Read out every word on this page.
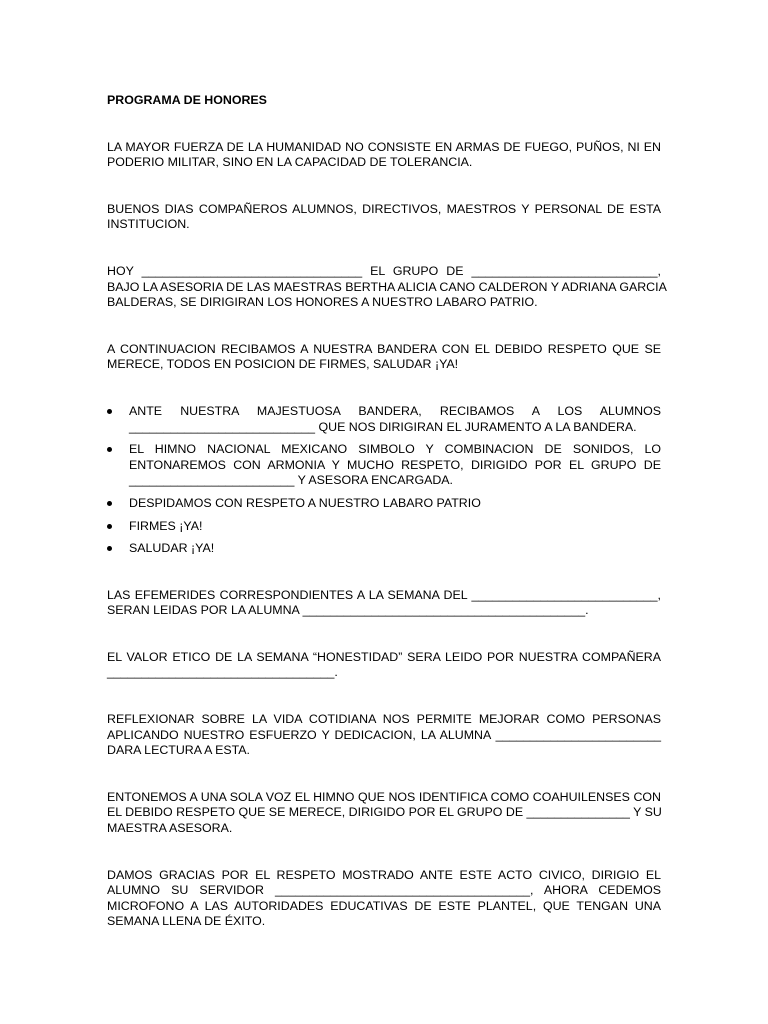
PROGRAMA DE HONORES

LA MAYOR FUERZA DE LA HUMANIDAD NO CONSISTE EN ARMAS DE FUEGO, PUÑOS, NI EN
PODERIO MILITAR, SINO EN LA CAPACIDAD DE TOLERANCIA.
BUENOS DIAS COMPAÑEROS ALUMNOS, DIRECTIVOS, MAESTROS Y PERSONAL DE ESTA
INSTITUCION.
HOY ________________________________ EL GRUPO DE ___________________________,
BAJO LA ASESORIA DE LAS MAESTRAS BERTHA ALICIA CANO CALDERON Y ADRIANA GARCIA
BALDERAS, SE DIRIGIRAN LOS HONORES A NUESTRO LABARO PATRIO.
A CONTINUACION RECIBAMOS A NUESTRA BANDERA CON EL DEBIDO RESPETO QUE SE
MERECE, TODOS EN POSICION DE FIRMES, SALUDAR ¡YA!
ANTE NUESTRA MAJESTUOSA BANDERA, RECIBAMOS A LOS ALUMNOS
___________________________ QUE NOS DIRIGIRAN EL JURAMENTO A LA BANDERA.
EL HIMNO NACIONAL MEXICANO SIMBOLO Y COMBINACION DE SONIDOS, LO
ENTONAREMOS CON ARMONIA Y MUCHO RESPETO, DIRIGIDO POR EL GRUPO DE
________________________ Y ASESORA ENCARGADA.
DESPIDAMOS CON RESPETO A NUESTRO LABARO PATRIO
FIRMES ¡YA!
SALUDAR ¡YA!
LAS EFEMERIDES CORRESPONDIENTES A LA SEMANA DEL ___________________________,
SERAN LEIDAS POR LA ALUMNA _________________________________________.
EL VALOR ETICO DE LA SEMANA “HONESTIDAD” SERA LEIDO POR NUESTRA COMPAÑERA
_________________________________.
REFLEXIONAR SOBRE LA VIDA COTIDIANA NOS PERMITE MEJORAR COMO PERSONAS
APLICANDO NUESTRO ESFUERZO Y DEDICACION, LA ALUMNA ________________________
DARA LECTURA A ESTA.
ENTONEMOS A UNA SOLA VOZ EL HIMNO QUE NOS IDENTIFICA COMO COAHUILENSES CON
EL DEBIDO RESPETO QUE SE MERECE, DIRIGIDO POR EL GRUPO DE _______________ Y SU
MAESTRA ASESORA.
DAMOS GRACIAS POR EL RESPETO MOSTRADO ANTE ESTE ACTO CIVICO, DIRIGIO EL
ALUMNO SU SERVIDOR _____________________________________, AHORA CEDEMOS
MICROFONO A LAS AUTORIDADES EDUCATIVAS DE ESTE PLANTEL, QUE TENGAN UNA
SEMANA LLENA DE ÉXITO.
